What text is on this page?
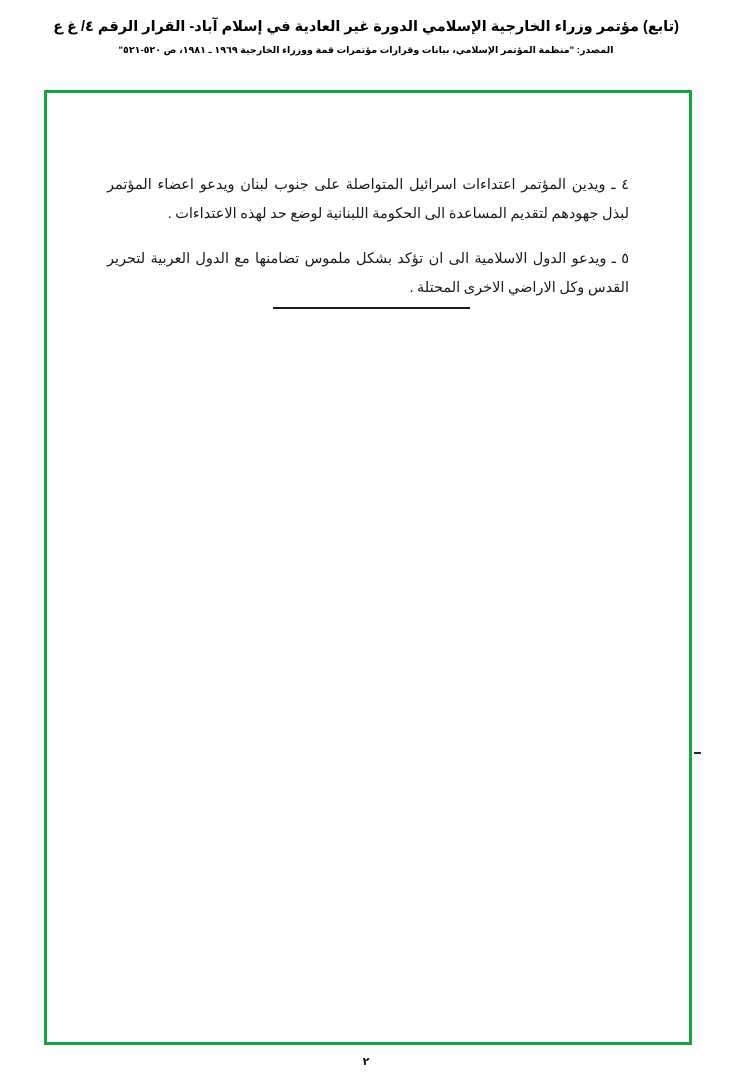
(تابع) مؤتمر وزراء الخارجية الإسلامي الدورة غير العادية في إسلام آباد- القرار الرقم ٤/ غ ع
المصدر: "منظمة المؤتمر الإسلامي، بيانات وقرارات مؤتمرات قمة ووزراء الخارجية ١٩٦٩ ـ ١٩٨١، ص ٥٢٠-٥٢١"

٤ ـ ويدين المؤتمر اعتداءات اسرائيل المتواصلة على جنوب لبنان ويدعو اعضاء المؤتمر لبذل جهودهم لتقديم المساعدة الى الحكومة اللبنانية لوضع حد لهذه الاعتداءات .

٥ ـ ويدعو الدول الاسلامية الى ان تؤكد بشكل ملموس تضامنها مع الدول العربية لتحرير القدس وكل الاراضي الاخرى المحتلة .

٢
